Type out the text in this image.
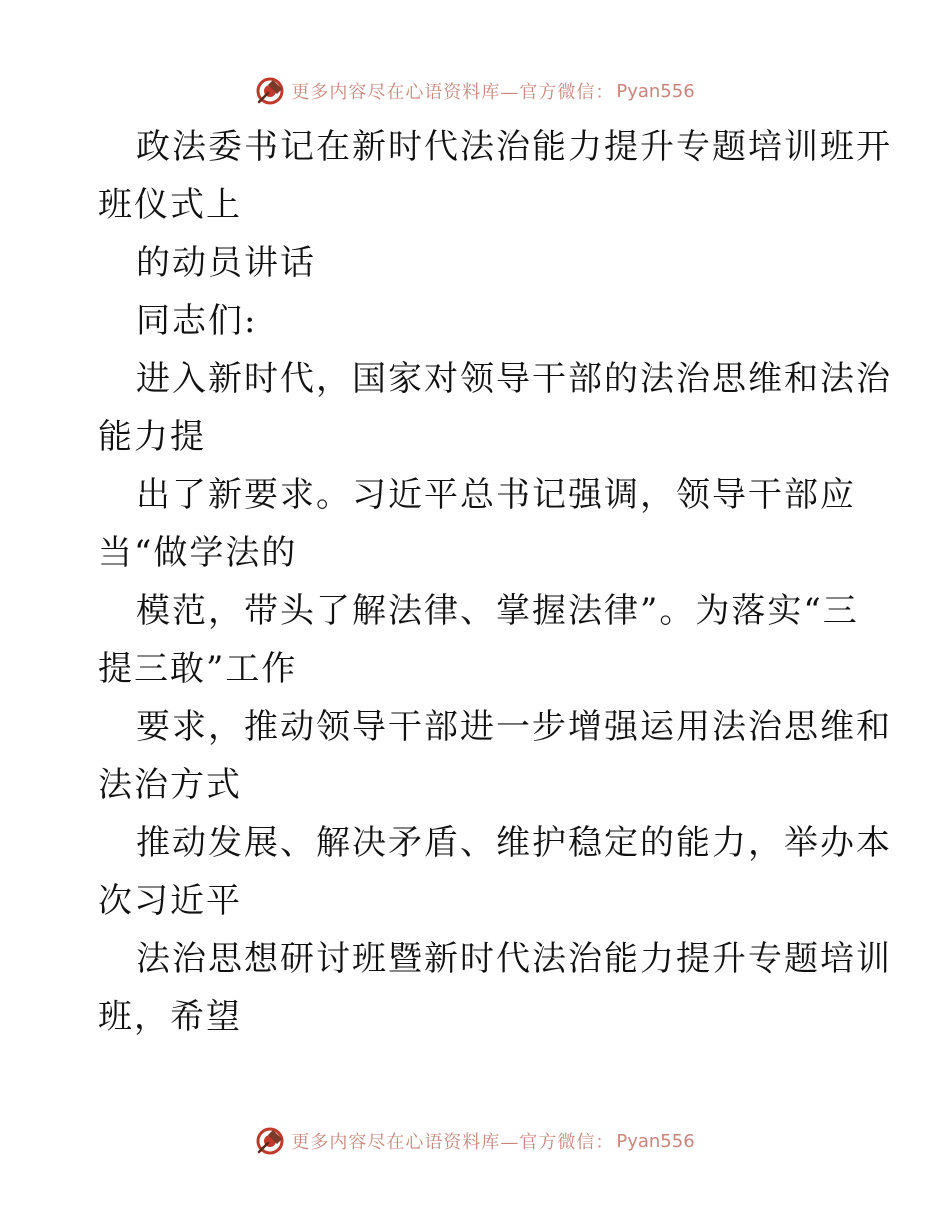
更多内容尽在心语资料库—官方微信： Pyan556
政法委书记在新时代法治能力提升专题培训班开
班仪式上
的动员讲话
同志们:
进入新时代，国家对领导干部的法治思维和法治
能力提
出了新要求。习近平总书记强调，领导干部应
当“做学法的
模范，带头了解法律、掌握法律”。为落实“三
提三敢”工作
要求，推动领导干部进一步增强运用法治思维和
法治方式
推动发展、解决矛盾、维护稳定的能力，举办本
次习近平
法治思想研讨班暨新时代法治能力提升专题培训
班，希望
更多内容尽在心语资料库—官方微信： Pyan556
